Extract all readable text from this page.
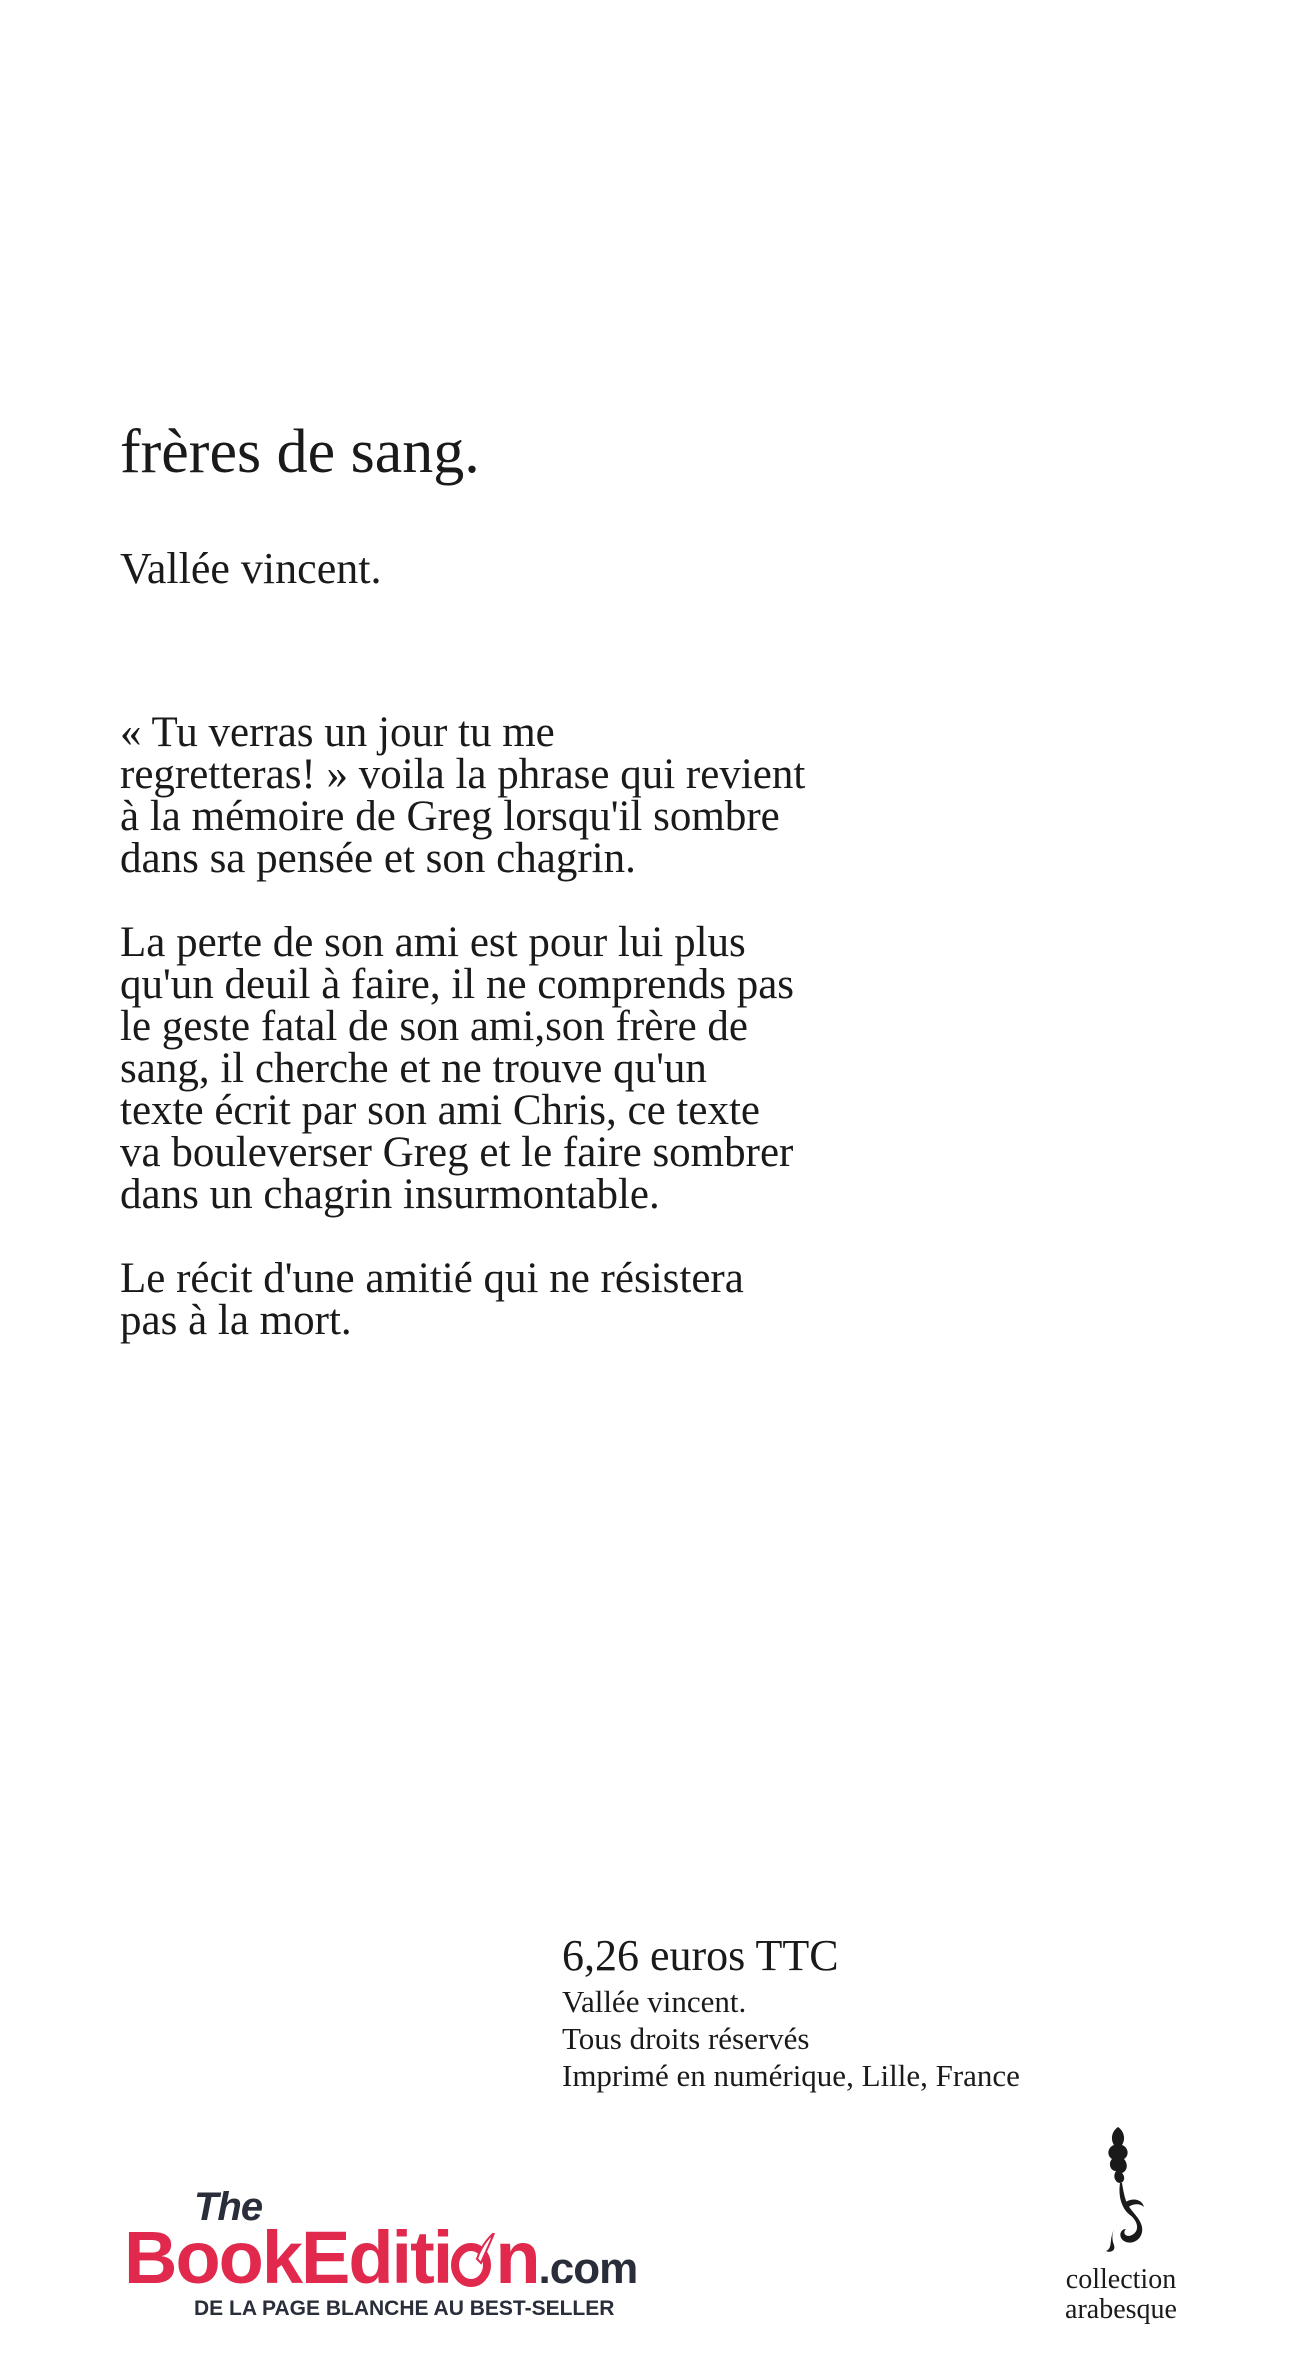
frères de sang.
Vallée vincent.

« Tu verras un jour tu me
regretteras! » voila la phrase qui revient
à la mémoire de Greg lorsqu'il sombre
dans sa pensée et son chagrin.

La perte de son ami est pour lui plus
qu'un deuil à faire, il ne comprends pas
le geste fatal de son ami,son frère de
sang, il cherche et ne trouve qu'un
texte écrit par son ami Chris, ce texte
va bouleverser Greg et le faire sombrer
dans un chagrin insurmontable.

Le récit d'une amitié qui ne résistera
pas à la mort.

6,26 euros TTC
Vallée vincent.
Tous droits réservés
Imprimé en numérique, Lille, France
The
BookEditi n.com
DE LA PAGE BLANCHE AU BEST-SELLER
collection
arabesque
